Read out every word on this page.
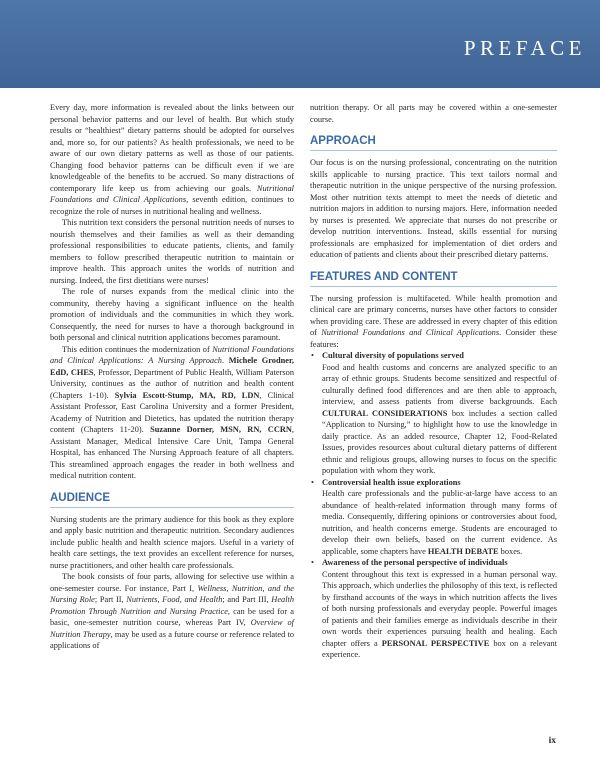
PREFACE

Every day, more information is revealed about the links between our personal behavior patterns and our level of health. But which study results or “healthiest” dietary patterns should be adopted for ourselves and, more so, for our patients? As health professionals, we need to be aware of our own dietary patterns as well as those of our patients. Changing food behavior patterns can be difficult even if we are knowledgeable of the benefits to be accrued. So many distractions of contemporary life keep us from achieving our goals. Nutritional Foundations and Clinical Applications, seventh edition, continues to recognize the role of nurses in nutritional healing and wellness.

This nutrition text considers the personal nutrition needs of nurses to nourish themselves and their families as well as their demanding professional responsibilities to educate patients, clients, and family members to follow prescribed therapeutic nutrition to maintain or improve health. This approach unites the worlds of nutrition and nursing. Indeed, the first dietitians were nurses!

The role of nurses expands from the medical clinic into the community, thereby having a significant influence on the health promotion of individuals and the communities in which they work. Consequently, the need for nurses to have a thorough background in both personal and clinical nutrition applications becomes paramount.

This edition continues the modernization of Nutritional Foundations and Clinical Applications: A Nursing Approach. Michele Grodner, EdD, CHES, Professor, Department of Public Health, William Paterson University, continues as the author of nutrition and health content (Chapters 1-10). Sylvia Escott-Stump, MA, RD, LDN, Clinical Assistant Professor, East Carolina University and a former President, Academy of Nutrition and Dietetics, has updated the nutrition therapy content (Chapters 11-20). Suzanne Dorner, MSN, RN, CCRN, Assistant Manager, Medical Intensive Care Unit, Tampa General Hospital, has enhanced The Nursing Approach feature of all chapters. This streamlined approach engages the reader in both wellness and medical nutrition content.

AUDIENCE

Nursing students are the primary audience for this book as they explore and apply basic nutrition and therapeutic nutrition. Secondary audiences include public health and health science majors. Useful in a variety of health care settings, the text provides an excellent reference for nurses, nurse practitioners, and other health care professionals.

The book consists of four parts, allowing for selective use within a one-semester course. For instance, Part I, Wellness, Nutrition, and the Nursing Role; Part II, Nutrients, Food, and Health; and Part III, Health Promotion Through Nutrition and Nursing Practice, can be used for a basic, one-semester nutrition course, whereas Part IV, Overview of Nutrition Therapy, may be used as a future course or reference related to applications of

nutrition therapy. Or all parts may be covered within a one-semester course.

APPROACH

Our focus is on the nursing professional, concentrating on the nutrition skills applicable to nursing practice. This text tailors normal and therapeutic nutrition in the unique perspective of the nursing profession. Most other nutrition texts attempt to meet the needs of dietetic and nutrition majors in addition to nursing majors. Here, information needed by nurses is presented. We appreciate that nurses do not prescribe or develop nutrition interventions. Instead, skills essential for nursing professionals are emphasized for implementation of diet orders and education of patients and clients about their prescribed dietary patterns.

FEATURES AND CONTENT

The nursing profession is multifaceted. While health promotion and clinical care are primary concerns, nurses have other factors to consider when providing care. These are addressed in every chapter of this edition of Nutritional Foundations and Clinical Applications. Consider these features:

• Cultural diversity of populations served

Food and health customs and concerns are analyzed specific to an array of ethnic groups. Students become sensitized and respectful of culturally defined food differences and are then able to approach, interview, and assess patients from diverse backgrounds. Each CULTURAL CONSIDERATIONS box includes a section called “Application to Nursing,” to highlight how to use the knowledge in daily practice. As an added resource, Chapter 12, Food-Related Issues, provides resources about cultural dietary patterns of different ethnic and religious groups, allowing nurses to focus on the specific population with whom they work.

• Controversial health issue explorations

Health care professionals and the public-at-large have access to an abundance of health-related information through many forms of media. Consequently, differing opinions or controversies about food, nutrition, and health concerns emerge. Students are encouraged to develop their own beliefs, based on the current evidence. As applicable, some chapters have HEALTH DEBATE boxes.

• Awareness of the personal perspective of individuals

Content throughout this text is expressed in a human personal way. This approach, which underlies the philosophy of this text, is reflected by firsthand accounts of the ways in which nutrition affects the lives of both nursing professionals and everyday people. Powerful images of patients and their families emerge as individuals describe in their own words their experiences pursuing health and healing. Each chapter offers a PERSONAL PERSPECTIVE box on a relevant experience.

ix
